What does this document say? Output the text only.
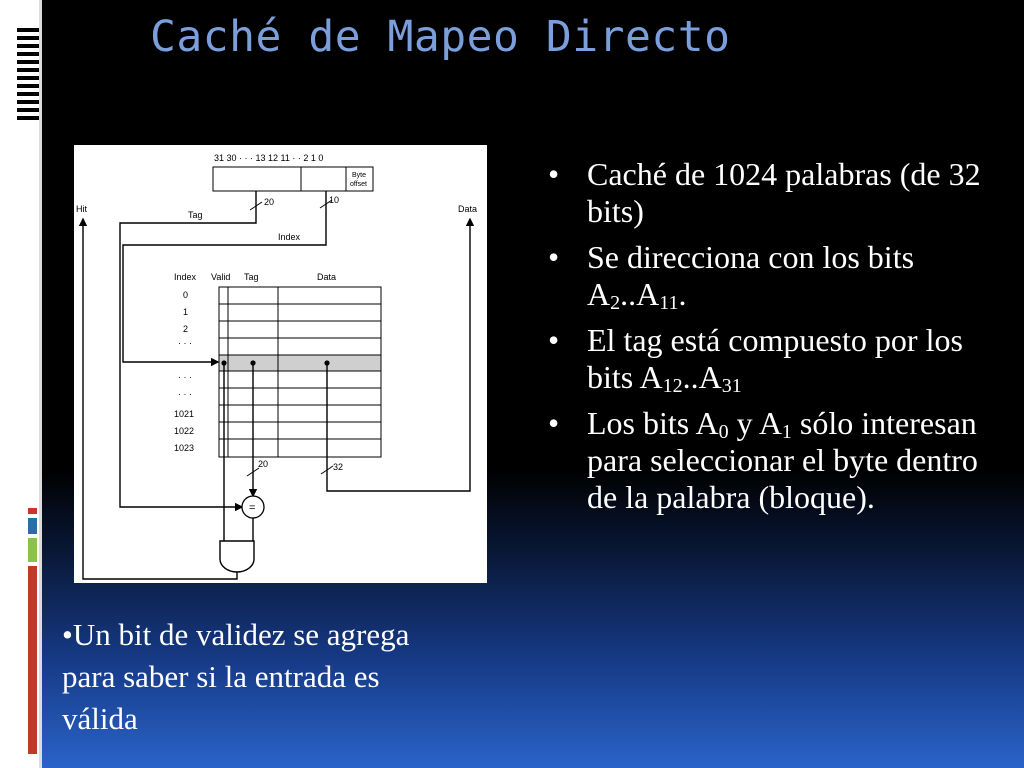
Caché de Mapeo Directo
31 30 · · · 13 12 11 · · 2 1 0
Byte
offset
20	10
Hit	Data
Tag
Index
Index Valid Tag	Data
0
1
2
· · ·
· · ·
· · ·
1021
1022
1023
20	32
=
• Caché de 1024 palabras (de 32 bits)
• Se direcciona con los bits $A_2..A_{11}$.
• El tag está compuesto por los bits $A_{12}..A_{31}$
• Los bits $A_0$ y $A_1$ sólo interesan para seleccionar el byte dentro de la palabra (bloque).

•Un bit de validez se agrega para saber si la entrada es válida
